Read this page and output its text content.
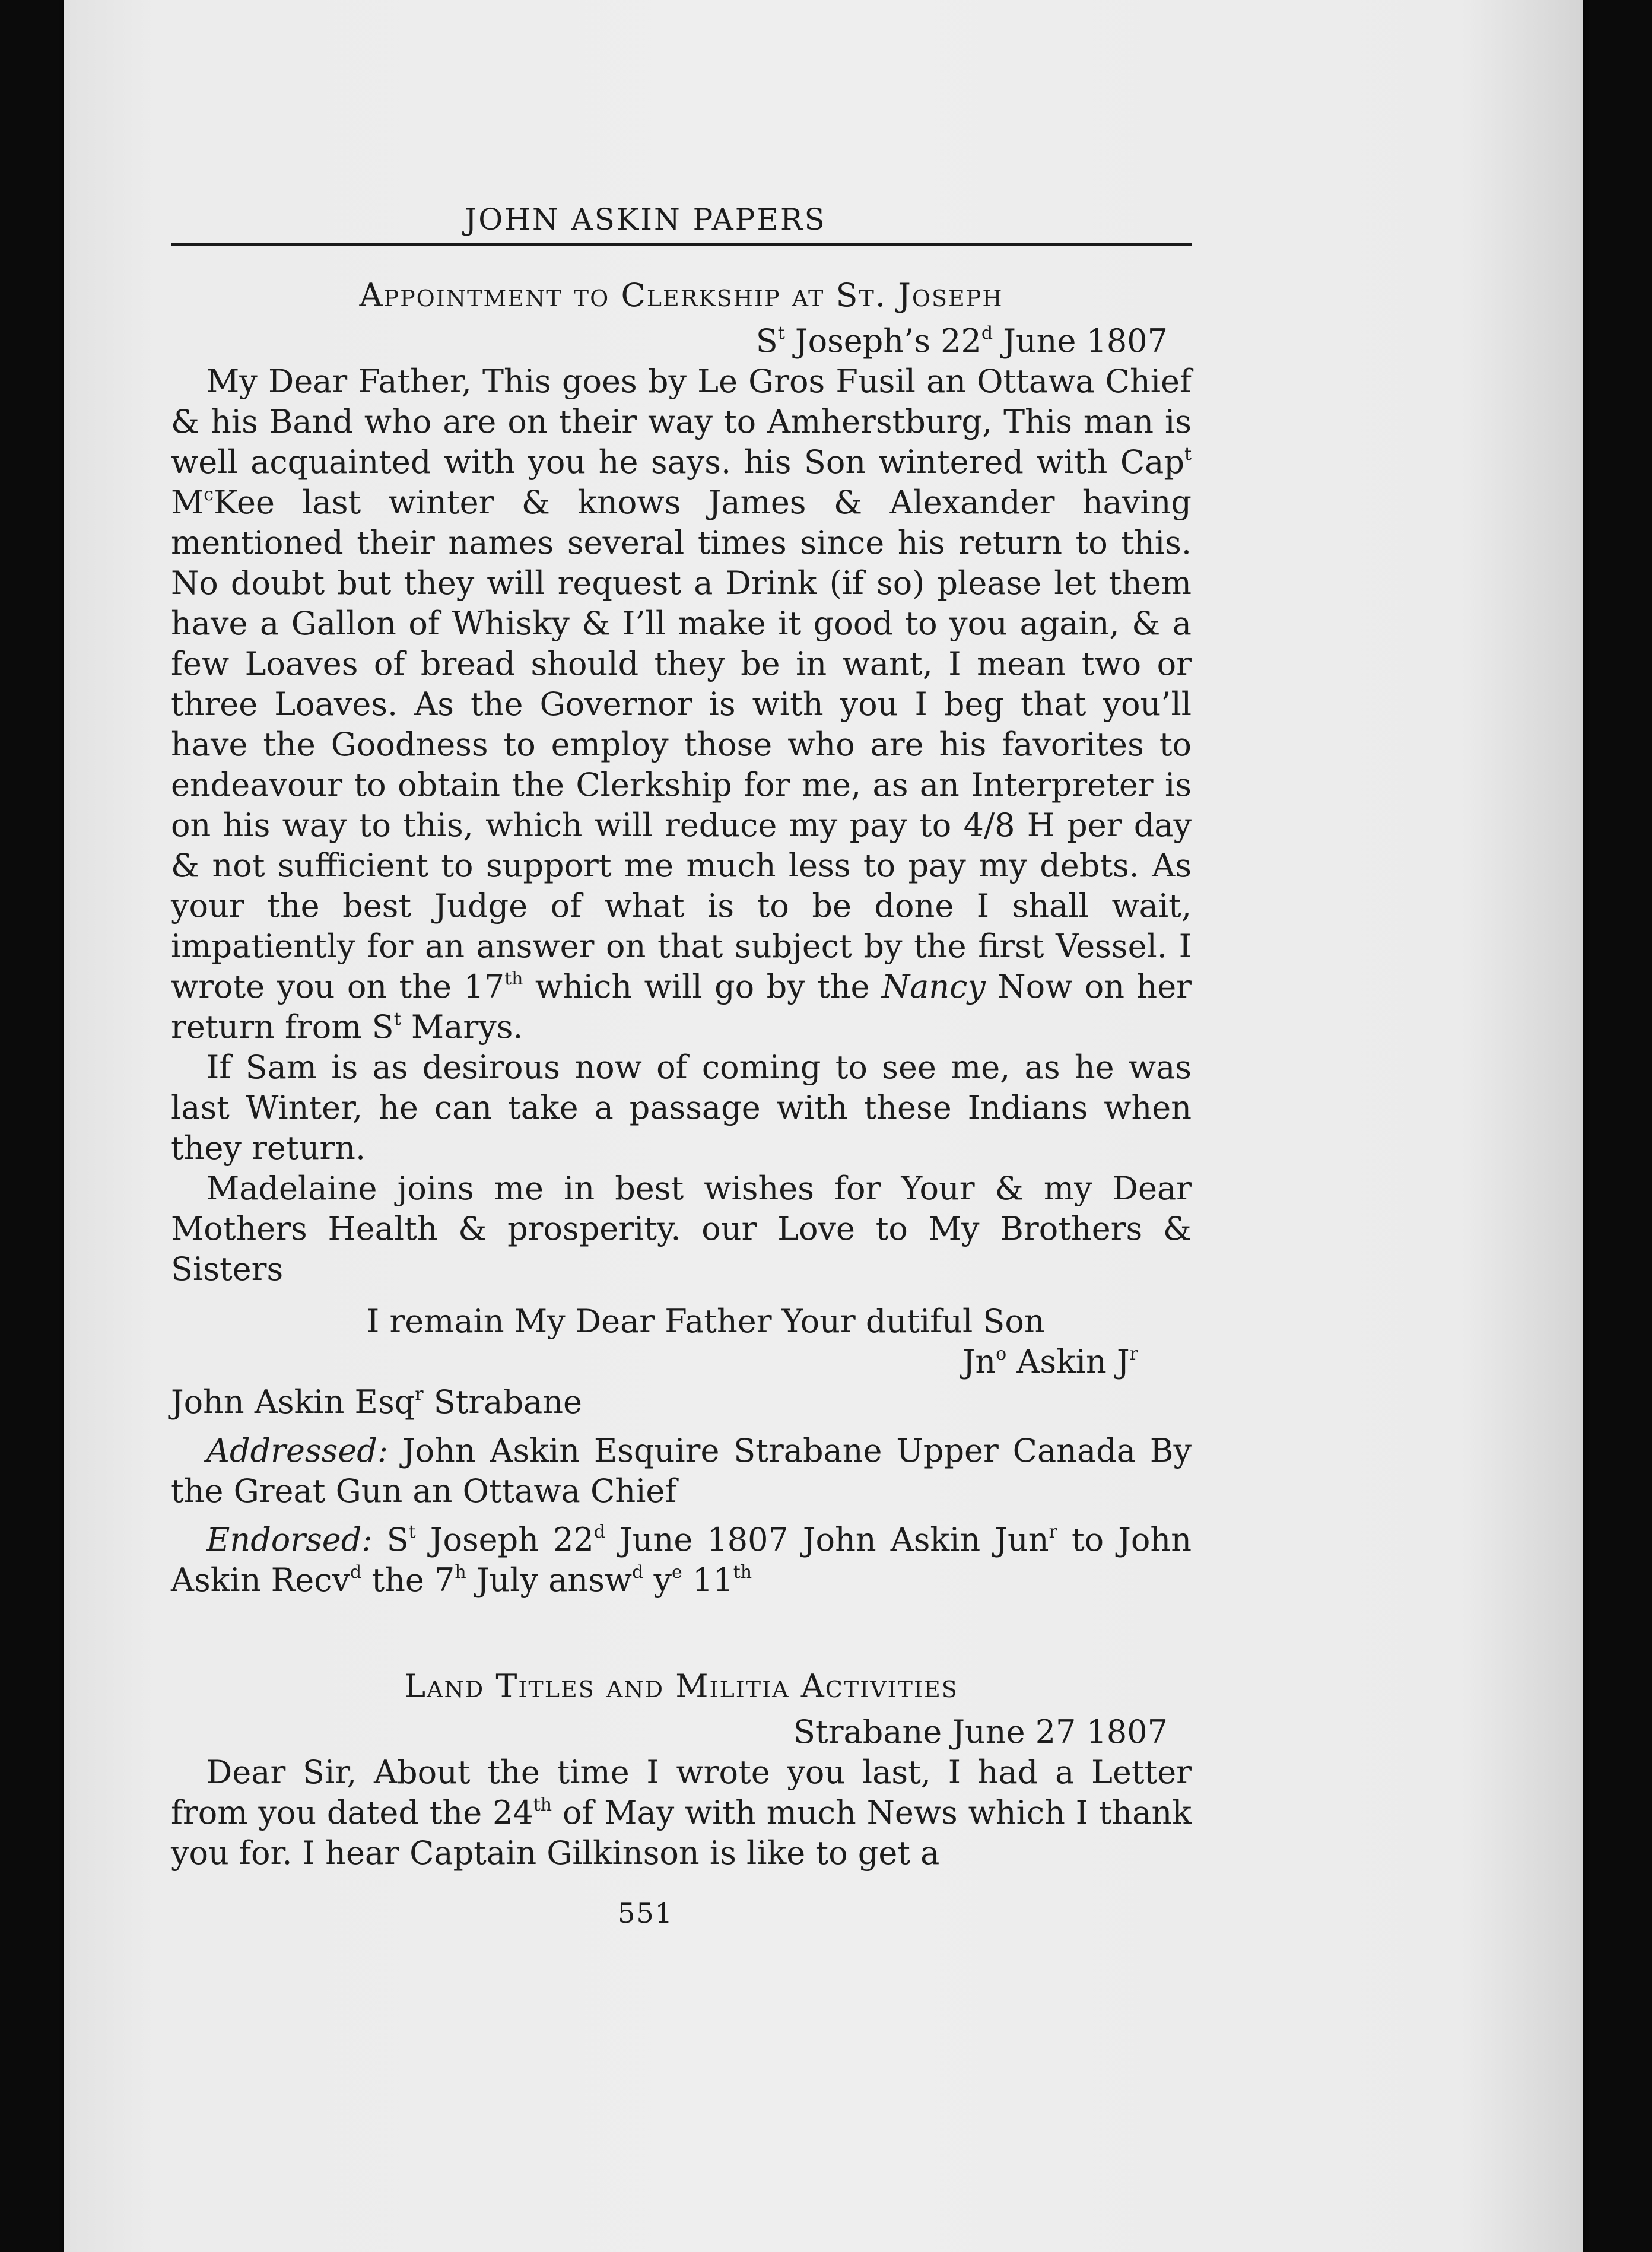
JOHN ASKIN PAPERS
Appointment to Clerkship at St. Joseph
$S^t$ Joseph’s 22$^d$ June 1807

My Dear Father, This goes by Le Gros Fusil an Ottawa Chief & his Band who are on their way to Amherstburg, This man is well acquainted with you he says. his Son wintered with Cap$^t$ $M^cKee$ last winter & knows James & Alexander having mentioned their names several times since his return to this. No doubt but they will request a Drink (if so) please let them have a Gallon of Whisky & I’ll make it good to you again, & a few Loaves of bread should they be in want, I mean two or three Loaves. As the Governor is with you I beg that you’ll have the Goodness to employ those who are his favorites to endeavour to obtain the Clerkship for me, as an Interpreter is on his way to this, which will reduce my pay to 4/8 H per day & not sufficient to support me much less to pay my debts. As your the best Judge of what is to be done I shall wait, impatiently for an answer on that subject by the first Vessel. I wrote you on the 17th which will go by the Nancy Now on her return from $S^t$ Marys.

If Sam is as desirous now of coming to see me, as he was last Winter, he can take a passage with these Indians when they return.

Madelaine joins me in best wishes for Your & my Dear Mothers Health & prosperity. our Love to My Brothers & Sisters

I remain My Dear Father Your dutiful Son
Jn$^o$ Askin $J^r$
John Askin Esq$^r$ Strabane

Addressed: John Askin Esquire Strabane Upper Canada By the Great Gun an Ottawa Chief

Endorsed: $S^t$ Joseph 22$^d$ June 1807 John Askin Jun$^r$ to John Askin Recv$^d$ the 7$^h$ July answ$^d$ $y^e$ 11th

Land Titles and Militia Activities
Strabane June 27 1807

Dear Sir, About the time I wrote you last, I had a Letter from you dated the 24th of May with much News which I thank you for. I hear Captain Gilkinson is like to get a

551
